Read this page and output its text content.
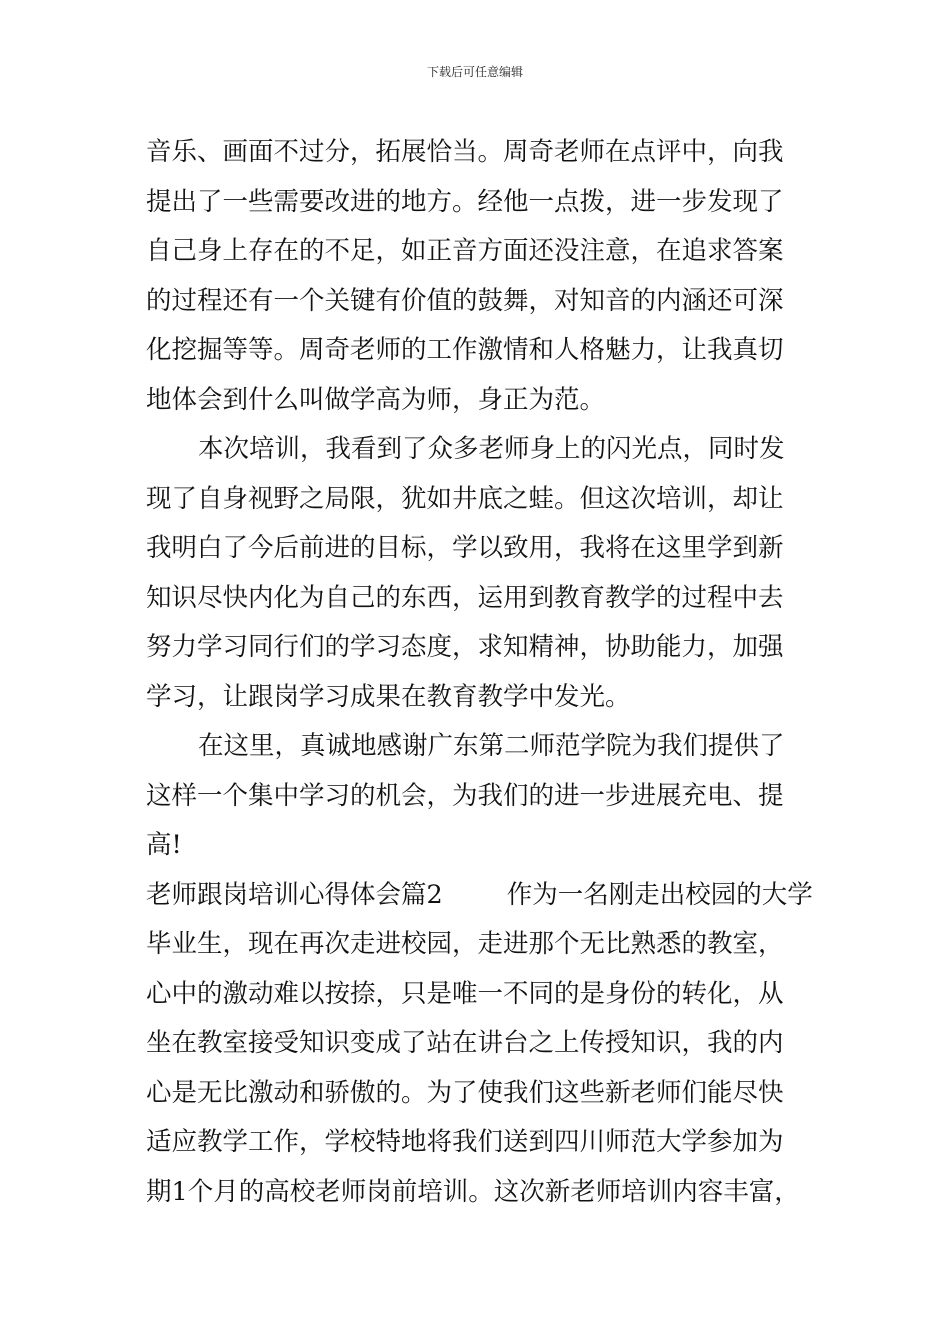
下载后可任意编辑
音乐、画面不过分，拓展恰当。周奇老师在点评中，向我
提出了一些需要改进的地方。经他一点拨，进一步发现了
自己身上存在的不足，如正音方面还没注意，在追求答案
的过程还有一个关键有价值的鼓舞，对知音的内涵还可深
化挖掘等等。周奇老师的工作激情和人格魅力，让我真切
地体会到什么叫做学高为师，身正为范。
本次培训，我看到了众多老师身上的闪光点，同时发
现了自身视野之局限，犹如井底之蛙。但这次培训，却让
我明白了今后前进的目标，学以致用，我将在这里学到新
知识尽快内化为自己的东西，运用到教育教学的过程中去
努力学习同行们的学习态度，求知精神，协助能力，加强
学习，让跟岗学习成果在教育教学中发光。
在这里，真诚地感谢广东第二师范学院为我们提供了
这样一个集中学习的机会，为我们的进一步进展充电、提
高!
老师跟岗培训心得体会篇2	作为一名刚走出校园的大学
毕业生，现在再次走进校园，走进那个无比熟悉的教室，
心中的激动难以按捺，只是唯一不同的是身份的转化，从
坐在教室接受知识变成了站在讲台之上传授知识，我的内
心是无比激动和骄傲的。为了使我们这些新老师们能尽快
适应教学工作，学校特地将我们送到四川师范大学参加为
期1个月的高校老师岗前培训。这次新老师培训内容丰富，
